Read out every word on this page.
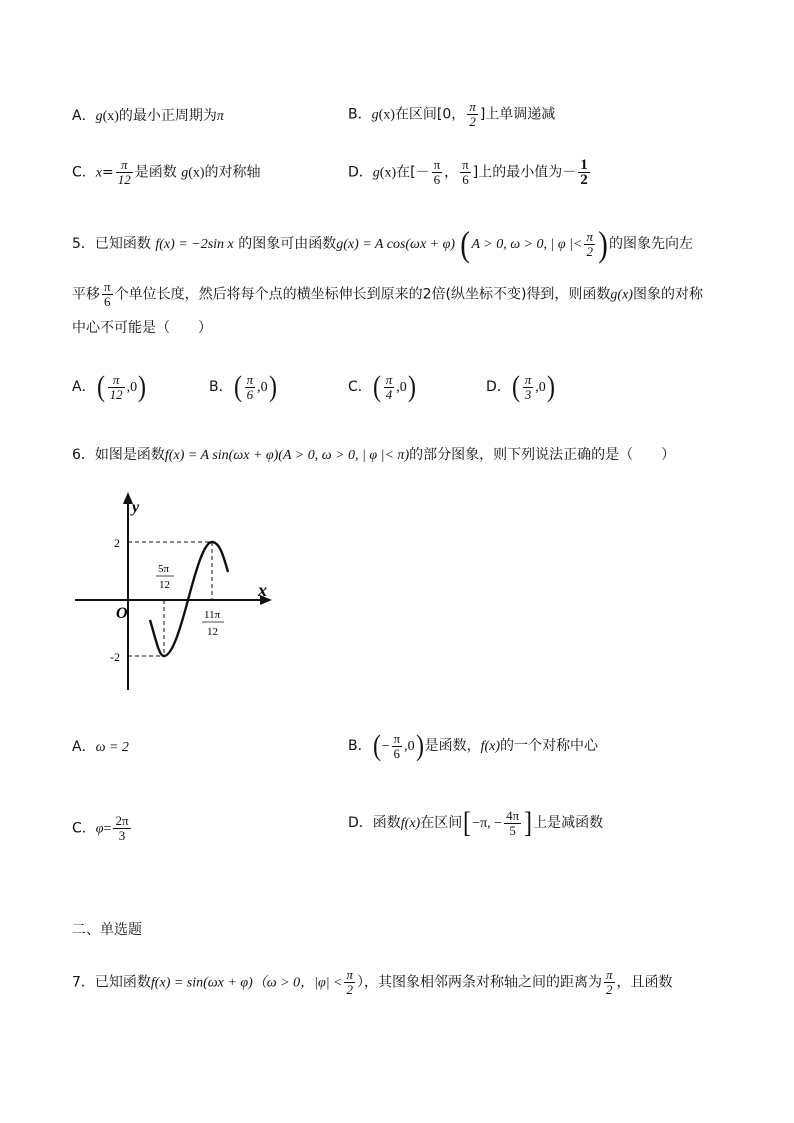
A．g(x)的最小正周期为π	B．g(x)在区间[0， $\frac{\pi}{2}$ ]上单调递减
C．$x= \frac{\pi}{12}$ 是函数 g(x)的对称轴	D．g(x)在[－ $\frac{\pi}{6}$ ， $\frac{\pi}{6}$ ]上的最小值为－ $\frac{1}{2}$
5．已知函数 f(x) = −2sin x 的图象可由函数g(x) = A cos(ωx + φ) (A > 0, ω > 0, | φ |< $\frac{\pi}{2}$ )的图象先向左
平移 $\frac{\pi}{6}$ 个单位长度，然后将每个点的横坐标伸长到原来的2倍(纵坐标不变)得到，则函数g(x)图象的对称
中心不可能是（　　）
A．( $\frac{\pi}{12} ,0$)	B．( $\frac{\pi}{6} ,0$)	C．( $\frac{\pi}{4} ,0$)	D．( $\frac{\pi}{3} ,0$)
6．如图是函数f(x) = A sin(ωx + φ)(A > 0, ω > 0, | φ |< π)的部分图象，则下列说法正确的是（　　）
y
x
O
2
-2
5π
12
11π
12
A．ω = 2	B．(− $\frac{\pi}{6} ,0$)是函数，f(x)的一个对称中心
C．$\varphi= \frac{2\pi}{3}$	D．函数f(x)在区间[−π, − $\frac{4\pi}{5}$ ]上是减函数
二、单选题
7．已知函数f(x) = sin(ωx + φ)（ω > 0，$|\varphi| < \frac{\pi}{2}$ ），其图象相邻两条对称轴之间的距离为 $\frac{\pi}{2}$ ，且函数
